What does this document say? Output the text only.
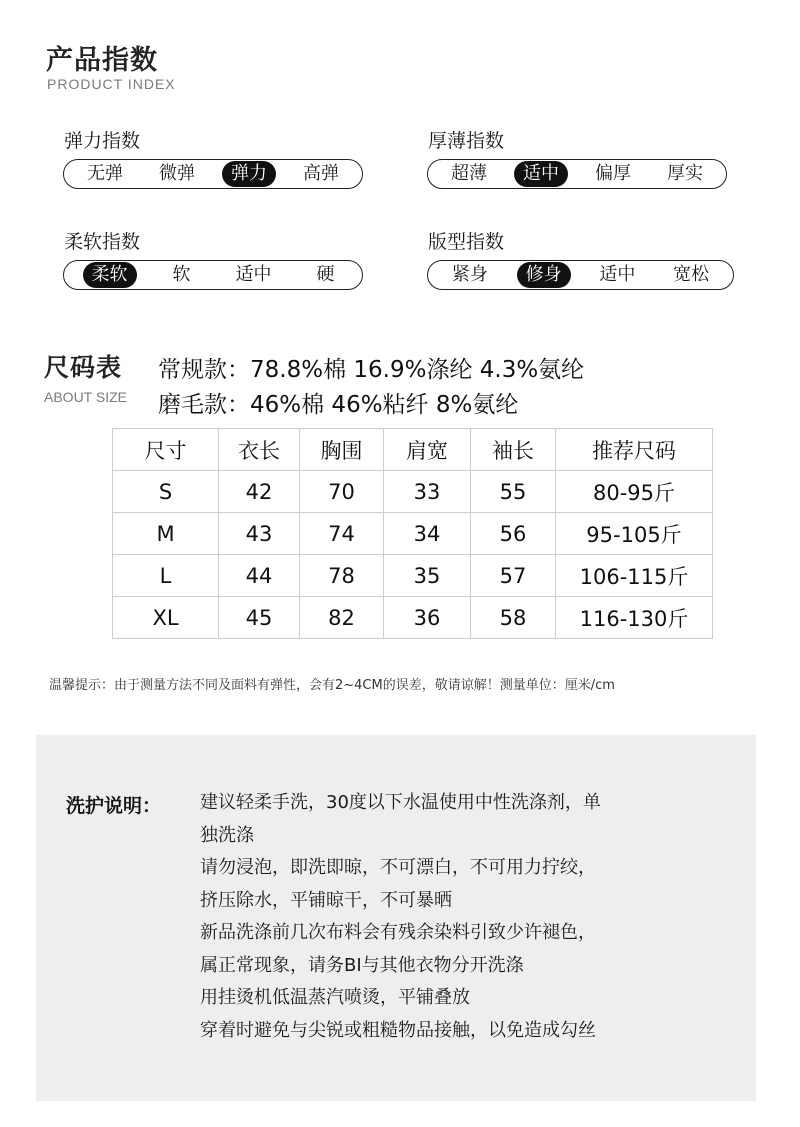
产品指数
PRODUCT INDEX
弹力指数
无弹	微弹	弹力	高弹
厚薄指数
超薄	适中	偏厚	厚实
柔软指数
柔软	软	适中	硬
版型指数
紧身	修身	适中	宽松
尺码表
ABOUT SIZE
常规款：78.8%棉 16.9%涤纶 4.3%氨纶
磨毛款：46%棉 46%粘纤 8%氨纶
尺寸	衣长	胸围	肩宽	袖长	推荐尺码
S	42	70	33	55	80-95斤
M	43	74	34	56	95-105斤
L	44	78	35	57	106-115斤
XL	45	82	36	58	116-130斤
温馨提示：由于测量方法不同及面料有弹性，会有2~4CM的误差，敬请谅解！测量单位：厘米/cm
洗护说明： 建议轻柔手洗，30度以下水温使用中性洗涤剂，单
独洗涤
请勿浸泡，即洗即晾，不可漂白，不可用力拧绞，
挤压除水，平铺晾干，不可暴晒
新品洗涤前几次布料会有残余染料引致少许褪色，
属正常现象，请务BI与其他衣物分开洗涤
用挂烫机低温蒸汽喷烫，平铺叠放
穿着时避免与尖锐或粗糙物品接触，以免造成勾丝
